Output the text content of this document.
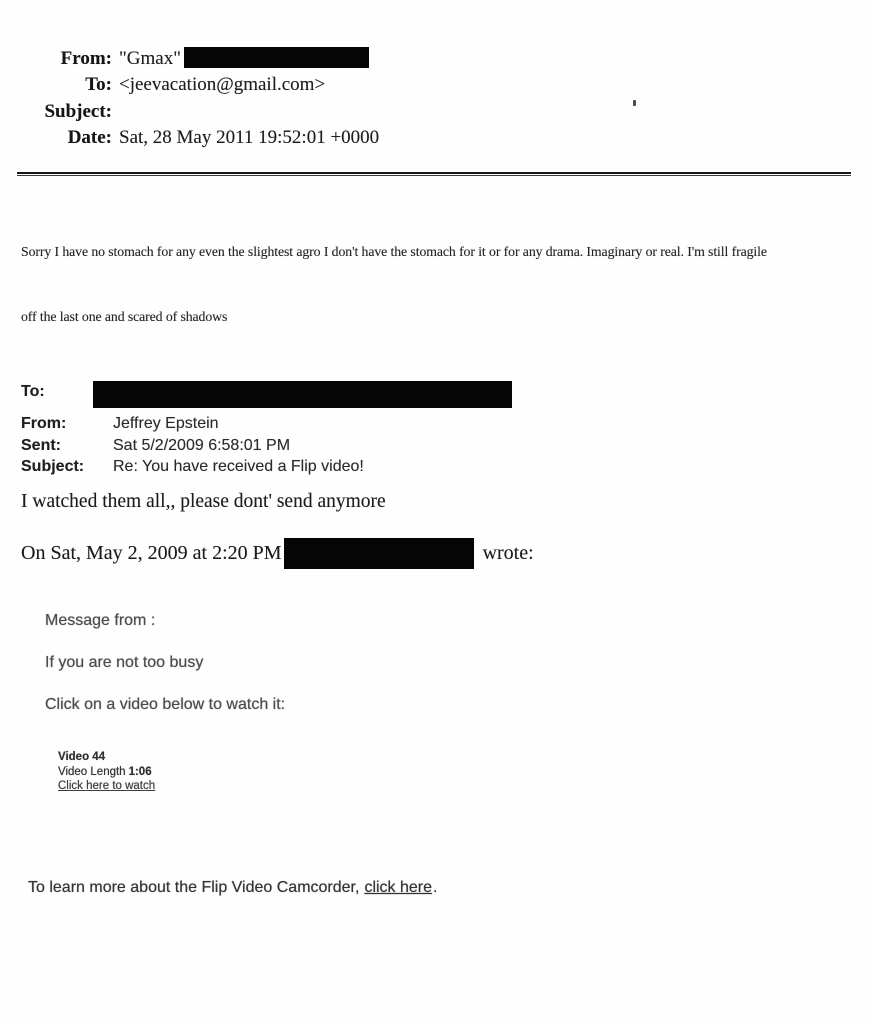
From: "Gmax"
To: <jeevacation@gmail.com>
Subject:
Date: Sat, 28 May 2011 19:52:01 +0000

Sorry I have no stomach for any even the slightest agro I don't have the stomach for it or for any drama. Imaginary or real. I'm still fragile

off the last one and scared of shadows

To:
From:	Jeffrey Epstein
Sent:	Sat 5/2/2009 6:58:01 PM
Subject:	Re: You have received a Flip video!
I watched them all,, please dont' send anymore
On Sat, May 2, 2009 at 2:20 PM	wrote:
Message from :
If you are not too busy
Click on a video below to watch it:
Video 44
Video Length 1:06
Click here to watch
To learn more about the Flip Video Camcorder, click here.
